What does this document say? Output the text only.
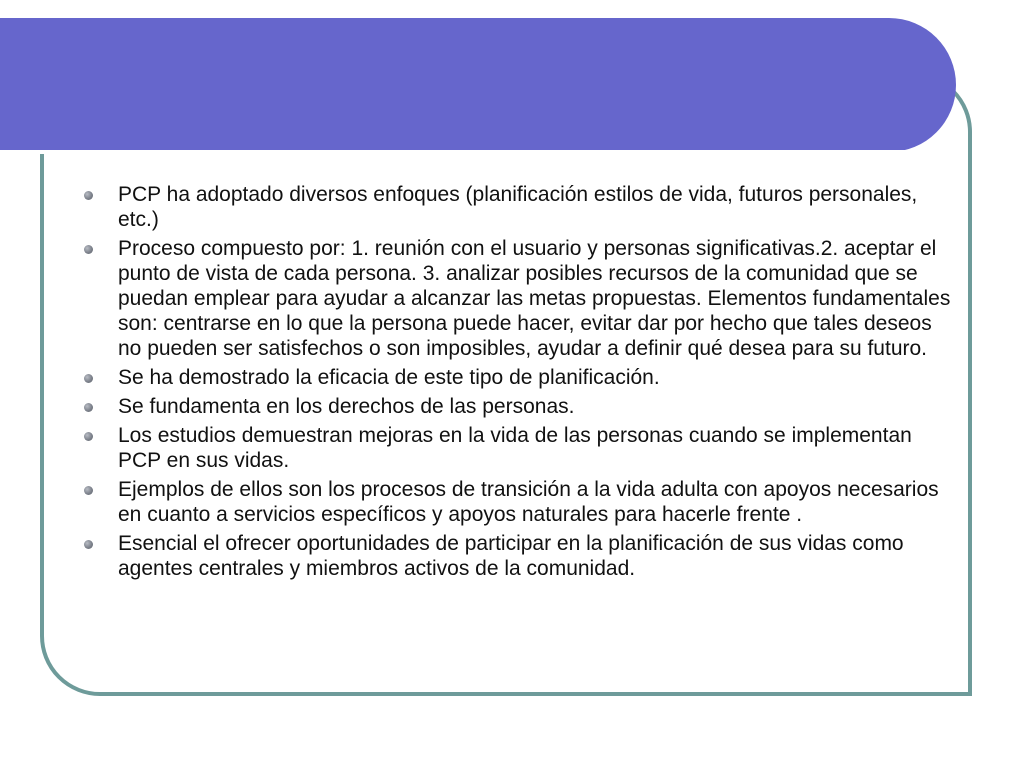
PCP ha adoptado diversos enfoques (planificación estilos de vida, futuros personales, etc.)
Proceso compuesto por: 1. reunión con el usuario y personas significativas.2. aceptar el punto de vista de cada persona. 3. analizar posibles recursos de la comunidad que se puedan emplear para ayudar a alcanzar las metas propuestas. Elementos fundamentales son: centrarse en lo que la persona puede hacer, evitar dar por hecho que tales deseos no pueden ser satisfechos o son imposibles, ayudar a definir qué desea para su futuro.
Se ha demostrado la eficacia de este tipo de planificación.
Se fundamenta en los derechos de las personas.
Los estudios demuestran mejoras en la vida de las personas cuando se implementan PCP en sus vidas.
Ejemplos de ellos son los procesos de transición a la vida adulta con apoyos necesarios en cuanto a servicios específicos y apoyos naturales para hacerle frente .
Esencial el ofrecer oportunidades de participar en la planificación de sus vidas como agentes centrales y miembros activos de la comunidad.
